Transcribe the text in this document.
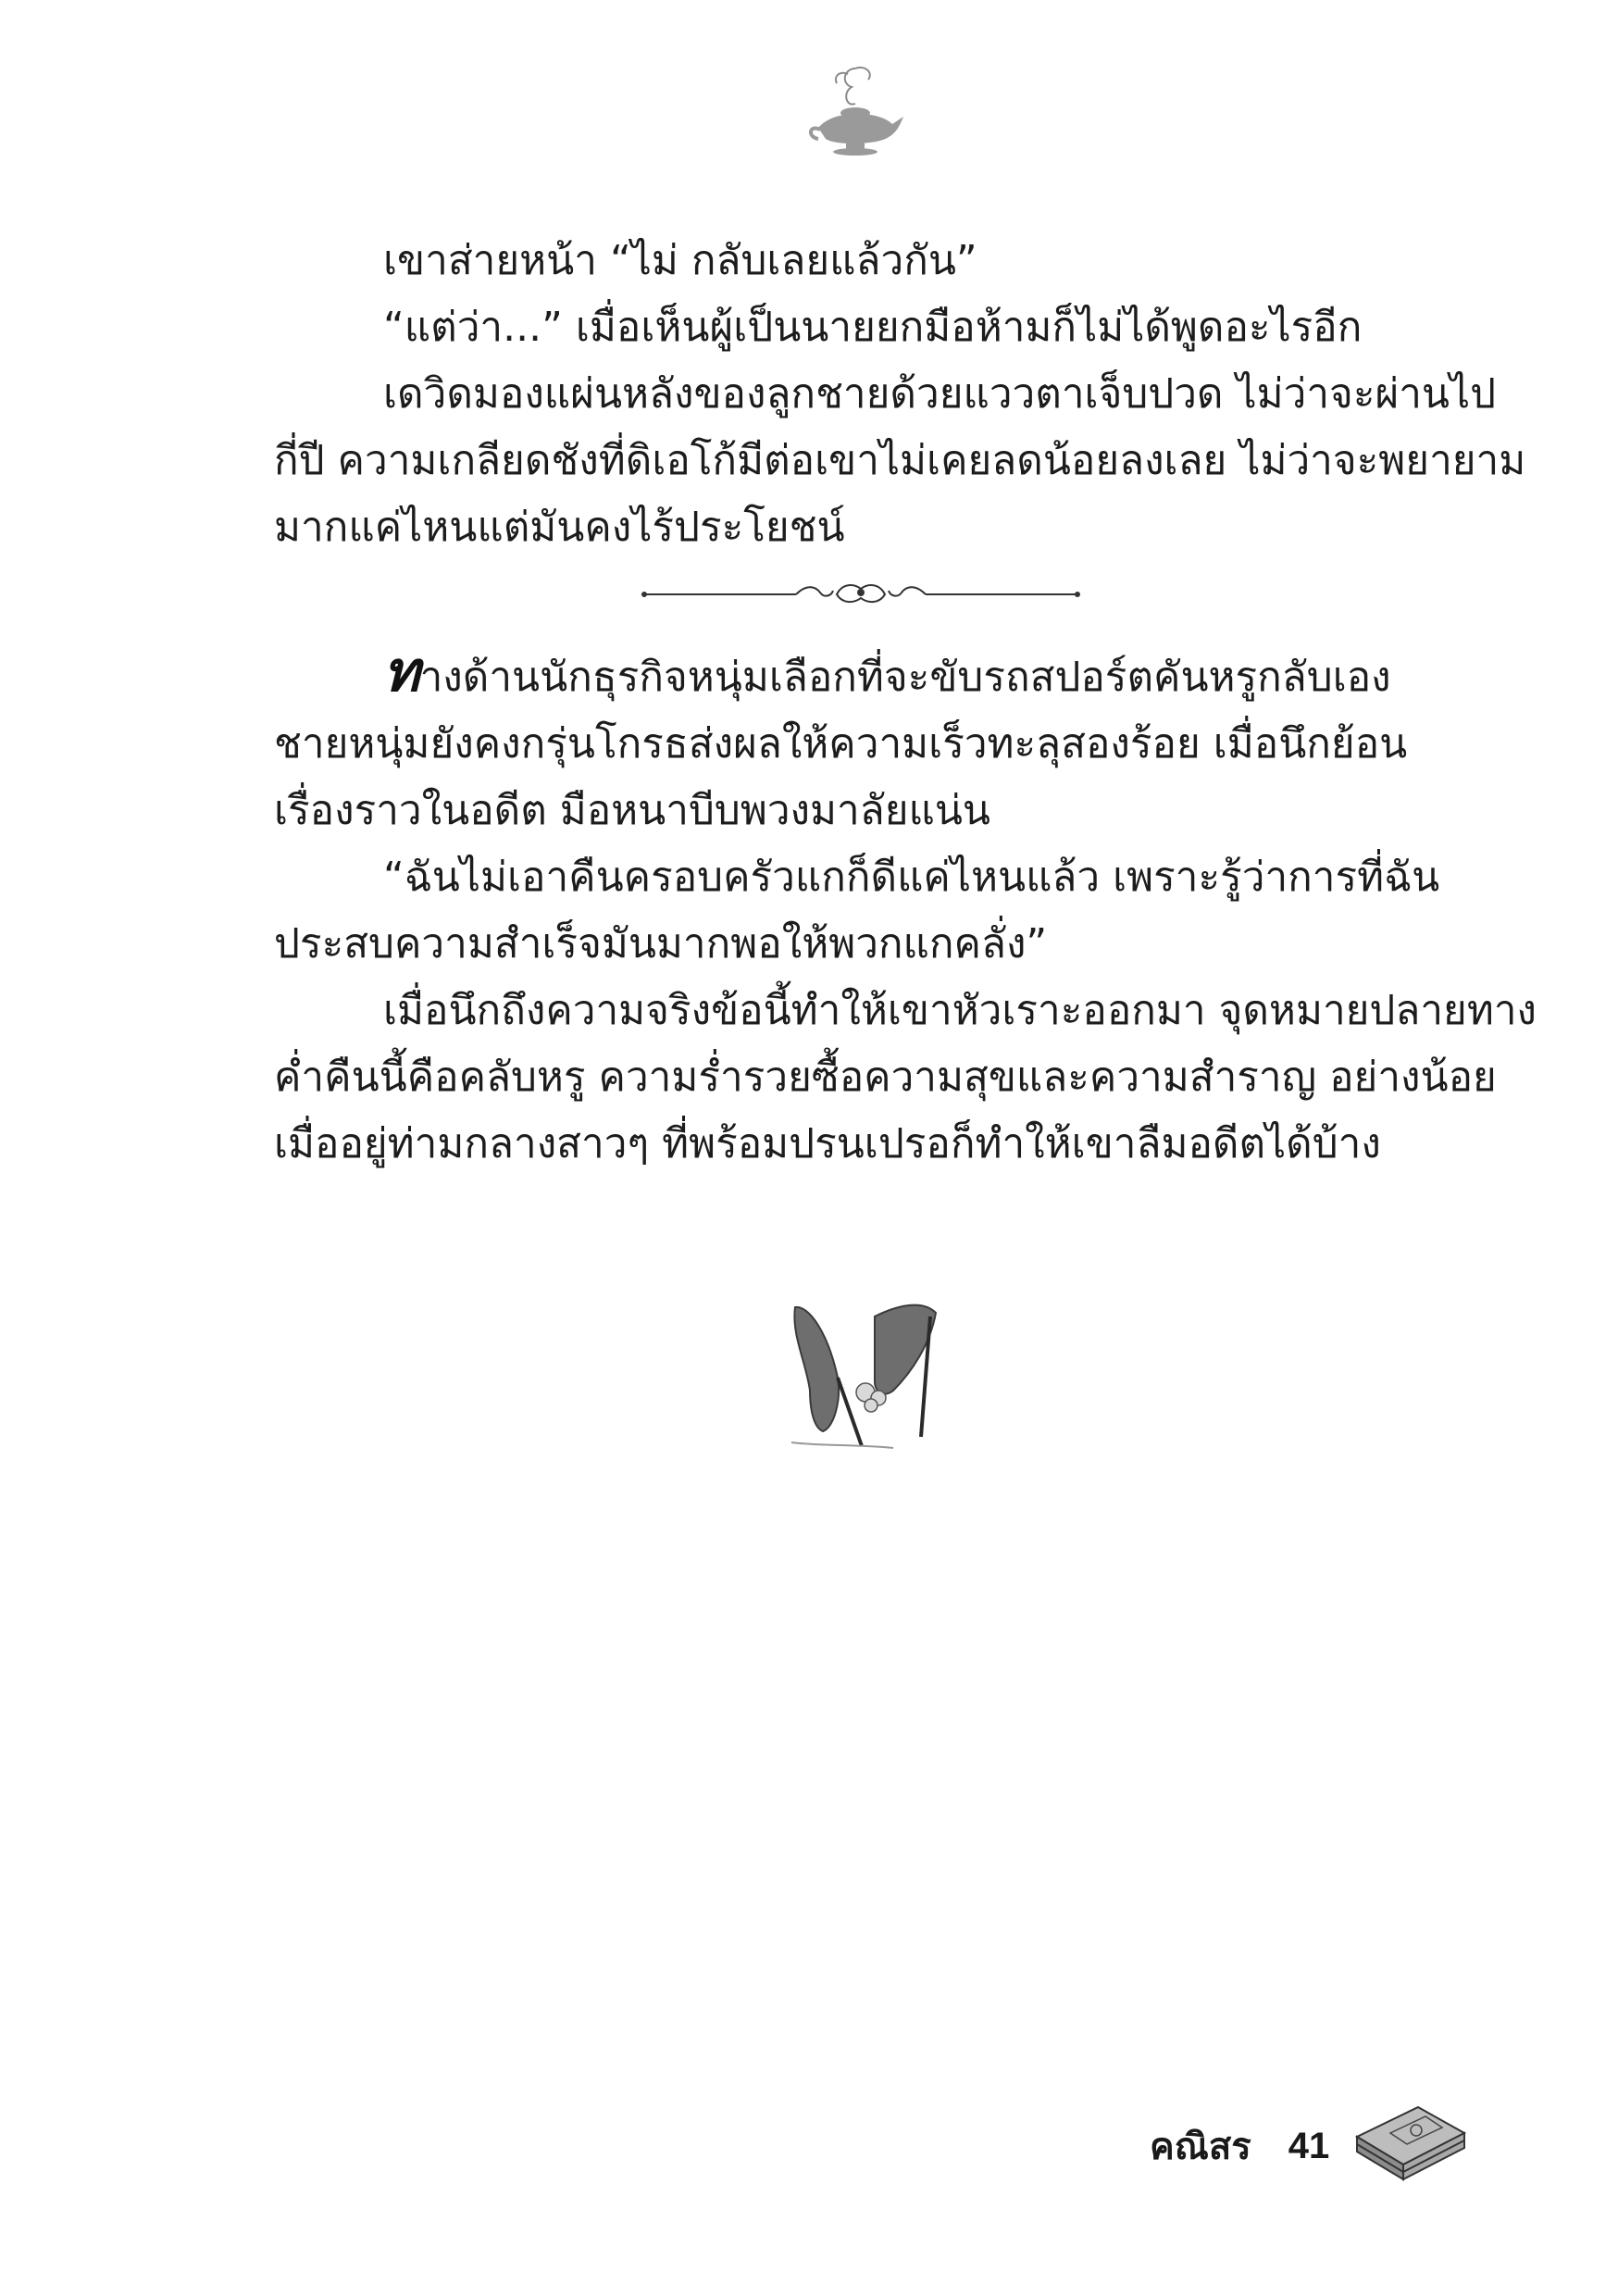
เขาส่ายหน้า “ไม่ กลับเลยแล้วกัน”

“แต่ว่า...” เมื่อเห็นผู้เป็นนายยกมือห้ามก็ไม่ได้พูดอะไรอีก

เดวิดมองแผ่นหลังของลูกชายด้วยแววตาเจ็บปวด ไม่ว่าจะผ่านไป

กี่ปี ความเกลียดชังที่ดิเอโก้มีต่อเขาไม่เคยลดน้อยลงเลย ไม่ว่าจะพยายาม

มากแค่ไหนแต่มันคงไร้ประโยชน์

ทางด้านนักธุรกิจหนุ่มเลือกที่จะขับรถสปอร์ตคันหรูกลับเอง

ชายหนุ่มยังคงกรุ่นโกรธส่งผลให้ความเร็วทะลุสองร้อย เมื่อนึกย้อน

เรื่องราวในอดีต มือหนาบีบพวงมาลัยแน่น

“ฉันไม่เอาคืนครอบครัวแกก็ดีแค่ไหนแล้ว เพราะรู้ว่าการที่ฉัน

ประสบความสำเร็จมันมากพอให้พวกแกคลั่ง”

เมื่อนึกถึงความจริงข้อนี้ทำให้เขาหัวเราะออกมา จุดหมายปลายทาง

ค่ำคืนนี้คือคลับหรู ความร่ำรวยซื้อความสุขและความสำราญ อย่างน้อย

เมื่ออยู่ท่ามกลางสาวๆ ที่พร้อมปรนเปรอก็ทำให้เขาลืมอดีตได้บ้าง

คณิสร 41
